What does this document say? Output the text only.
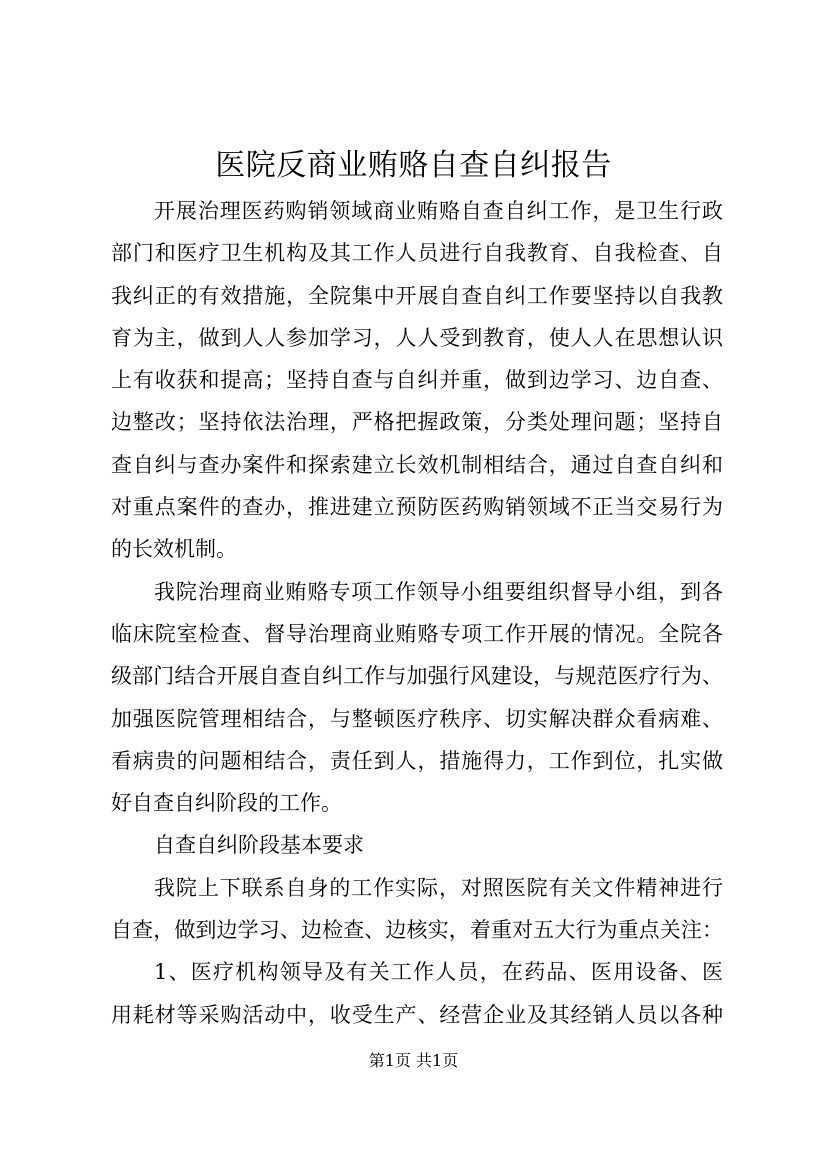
医院反商业贿赂自查自纠报告
开展治理医药购销领域商业贿赂自查自纠工作，是卫生行政
部门和医疗卫生机构及其工作人员进行自我教育、自我检查、自
我纠正的有效措施，全院集中开展自查自纠工作要坚持以自我教
育为主，做到人人参加学习，人人受到教育，使人人在思想认识
上有收获和提高；坚持自查与自纠并重，做到边学习、边自查、
边整改；坚持依法治理，严格把握政策，分类处理问题；坚持自
查自纠与查办案件和探索建立长效机制相结合，通过自查自纠和
对重点案件的查办，推进建立预防医药购销领域不正当交易行为
的长效机制。
我院治理商业贿赂专项工作领导小组要组织督导小组，到各
临床院室检查、督导治理商业贿赂专项工作开展的情况。全院各
级部门结合开展自查自纠工作与加强行风建设，与规范医疗行为、
加强医院管理相结合，与整顿医疗秩序、切实解决群众看病难、
看病贵的问题相结合，责任到人，措施得力，工作到位，扎实做
好自查自纠阶段的工作。
自查自纠阶段基本要求
我院上下联系自身的工作实际，对照医院有关文件精神进行
自查，做到边学习、边检查、边核实，着重对五大行为重点关注：
1、医疗机构领导及有关工作人员，在药品、医用设备、医
用耗材等采购活动中，收受生产、经营企业及其经销人员以各种
第1页 共1页
